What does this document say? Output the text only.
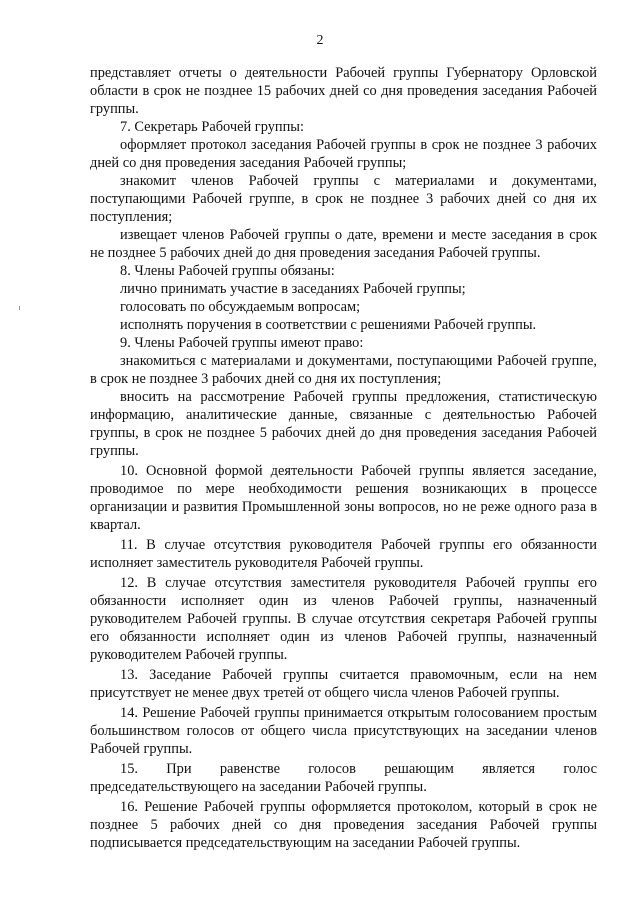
2

представляет отчеты о деятельности Рабочей группы Губернатору Орловской области в срок не позднее 15 рабочих дней со дня проведения заседания Рабочей группы.

7. Секретарь Рабочей группы:

оформляет протокол заседания Рабочей группы в срок не позднее 3 рабочих дней со дня проведения заседания Рабочей группы;

знакомит членов Рабочей группы с материалами и документами, поступающими Рабочей группе, в срок не позднее 3 рабочих дней со дня их поступления;

извещает членов Рабочей группы о дате, времени и месте заседания в срок не позднее 5 рабочих дней до дня проведения заседания Рабочей группы.

8. Члены Рабочей группы обязаны:

лично принимать участие в заседаниях Рабочей группы;

голосовать по обсуждаемым вопросам;

исполнять поручения в соответствии с решениями Рабочей группы.

9. Члены Рабочей группы имеют право:

знакомиться с материалами и документами, поступающими Рабочей группе, в срок не позднее 3 рабочих дней со дня их поступления;

вносить на рассмотрение Рабочей группы предложения, статистическую информацию, аналитические данные, связанные с деятельностью Рабочей группы, в срок не позднее 5 рабочих дней до дня проведения заседания Рабочей группы.

10. Основной формой деятельности Рабочей группы является заседание, проводимое по мере необходимости решения возникающих в процессе организации и развития Промышленной зоны вопросов, но не реже одного раза в квартал.

11. В случае отсутствия руководителя Рабочей группы его обязанности исполняет заместитель руководителя Рабочей группы.

12. В случае отсутствия заместителя руководителя Рабочей группы его обязанности исполняет один из членов Рабочей группы, назначенный руководителем Рабочей группы. В случае отсутствия секретаря Рабочей группы его обязанности исполняет один из членов Рабочей группы, назначенный руководителем Рабочей группы.

13. Заседание Рабочей группы считается правомочным, если на нем присутствует не менее двух третей от общего числа членов Рабочей группы.

14. Решение Рабочей группы принимается открытым голосованием простым большинством голосов от общего числа присутствующих на заседании членов Рабочей группы.

15. При равенстве голосов решающим является голос председательствующего на заседании Рабочей группы.

16. Решение Рабочей группы оформляется протоколом, который в срок не позднее 5 рабочих дней со дня проведения заседания Рабочей группы подписывается председательствующим на заседании Рабочей группы.
